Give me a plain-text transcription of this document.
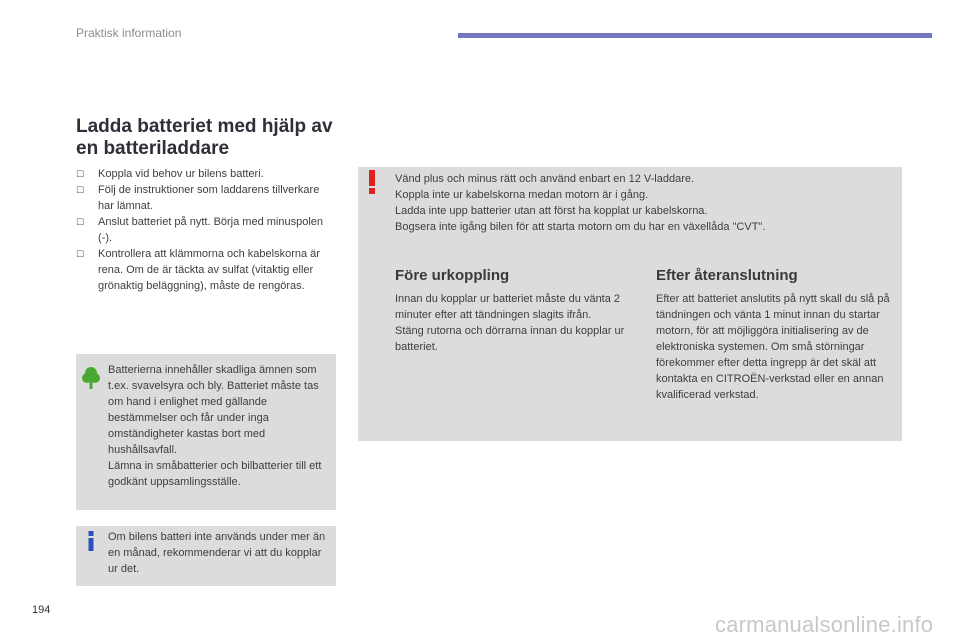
Praktisk information
Ladda batteriet med hjälp av en batteriladdare
☐ Koppla vid behov ur bilens batteri.
☐ Följ de instruktioner som laddarens tillverkare har lämnat.
☐ Anslut batteriet på nytt. Börja med minuspolen (-).
☐ Kontrollera att klämmorna och kabelskorna är rena. Om de är täckta av sulfat (vitaktig eller grönaktig beläggning), måste de rengöras.

Batterierna innehåller skadliga ämnen som t.ex. svavelsyra och bly. Batteriet måste tas om hand i enlighet med gällande bestämmelser och får under inga omständigheter kastas bort med hushållsavfall.
Lämna in småbatterier och bilbatterier till ett godkänt uppsamlingsställe.

Om bilens batteri inte används under mer än en månad, rekommenderar vi att du kopplar ur det.

Vänd plus och minus rätt och använd enbart en 12 V-laddare.
Koppla inte ur kabelskorna medan motorn är i gång.
Ladda inte upp batterier utan att först ha kopplat ur kabelskorna.
Bogsera inte igång bilen för att starta motorn om du har en växellåda "CVT".

Före urkoppling

Innan du kopplar ur batteriet måste du vänta 2 minuter efter att tändningen slagits ifrån.
Stäng rutorna och dörrarna innan du kopplar ur batteriet.

Efter återanslutning

Efter att batteriet anslutits på nytt skall du slå på tändningen och vänta 1 minut innan du startar motorn, för att möjliggöra initialisering av de elektroniska systemen. Om små störningar förekommer efter detta ingrepp är det skäl att kontakta en CITROËN-verkstad eller en annan kvalificerad verkstad.

194
carmanualsonline.info
